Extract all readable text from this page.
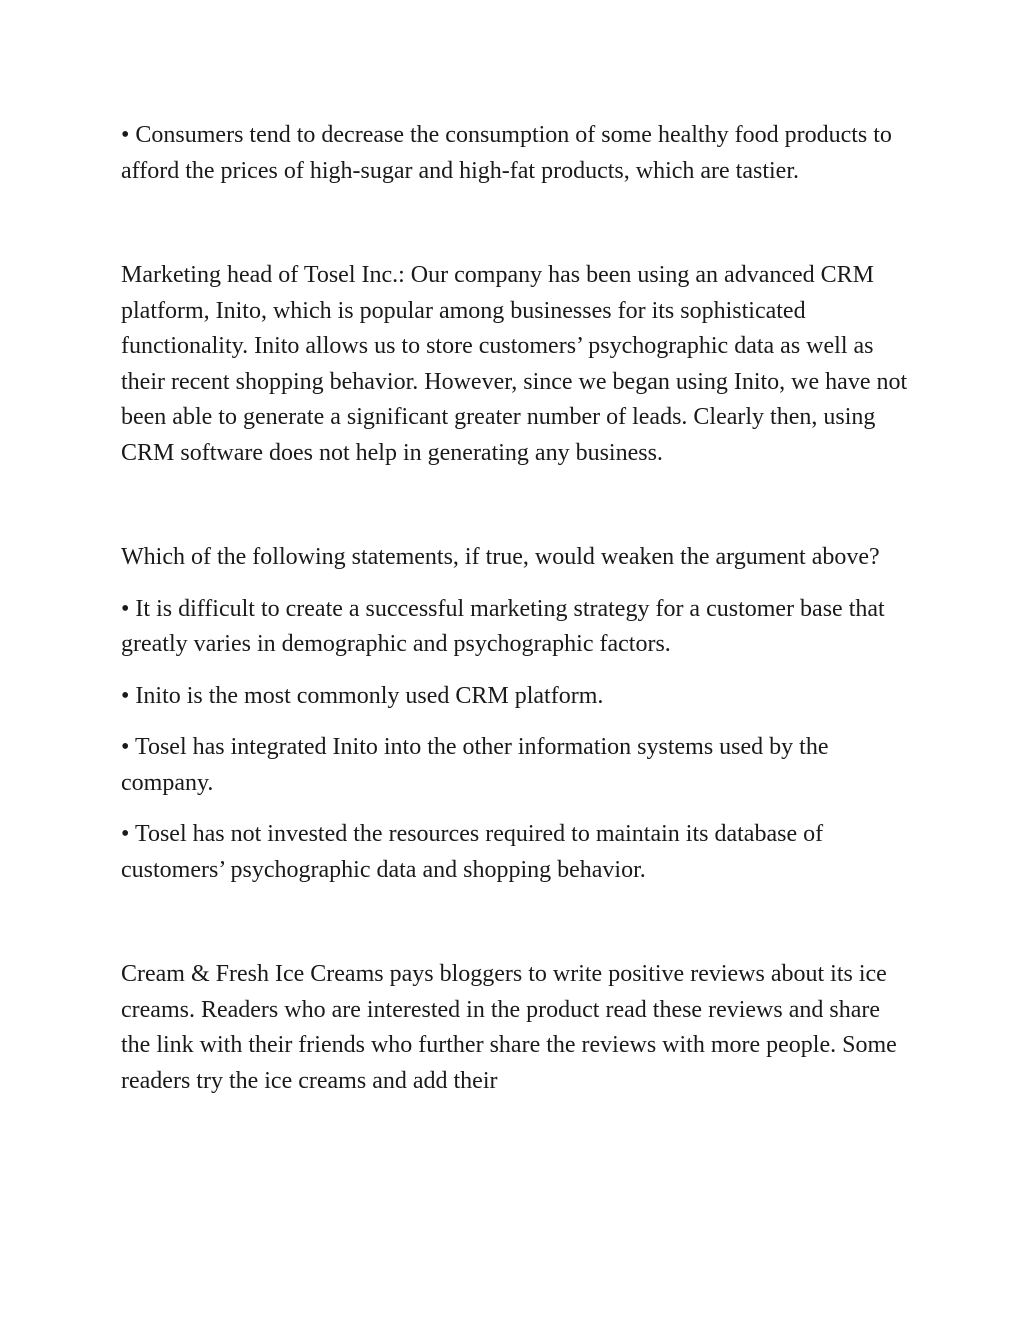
• Consumers tend to decrease the consumption of some healthy food products to afford the prices of high-sugar and high-fat products, which are tastier.

Marketing head of Tosel Inc.: Our company has been using an advanced CRM platform, Inito, which is popular among businesses for its sophisticated functionality. Inito allows us to store customers’ psychographic data as well as their recent shopping behavior. However, since we began using Inito, we have not been able to generate a significant greater number of leads. Clearly then, using CRM software does not help in generating any business.

Which of the following statements, if true, would weaken the argument above?

• It is difficult to create a successful marketing strategy for a customer base that greatly varies in demographic and psychographic factors.

• Inito is the most commonly used CRM platform.

• Tosel has integrated Inito into the other information systems used by the company.

• Tosel has not invested the resources required to maintain its database of customers’ psychographic data and shopping behavior.

Cream & Fresh Ice Creams pays bloggers to write positive reviews about its ice creams. Readers who are interested in the product read these reviews and share the link with their friends who further share the reviews with more people. Some readers try the ice creams and add their
